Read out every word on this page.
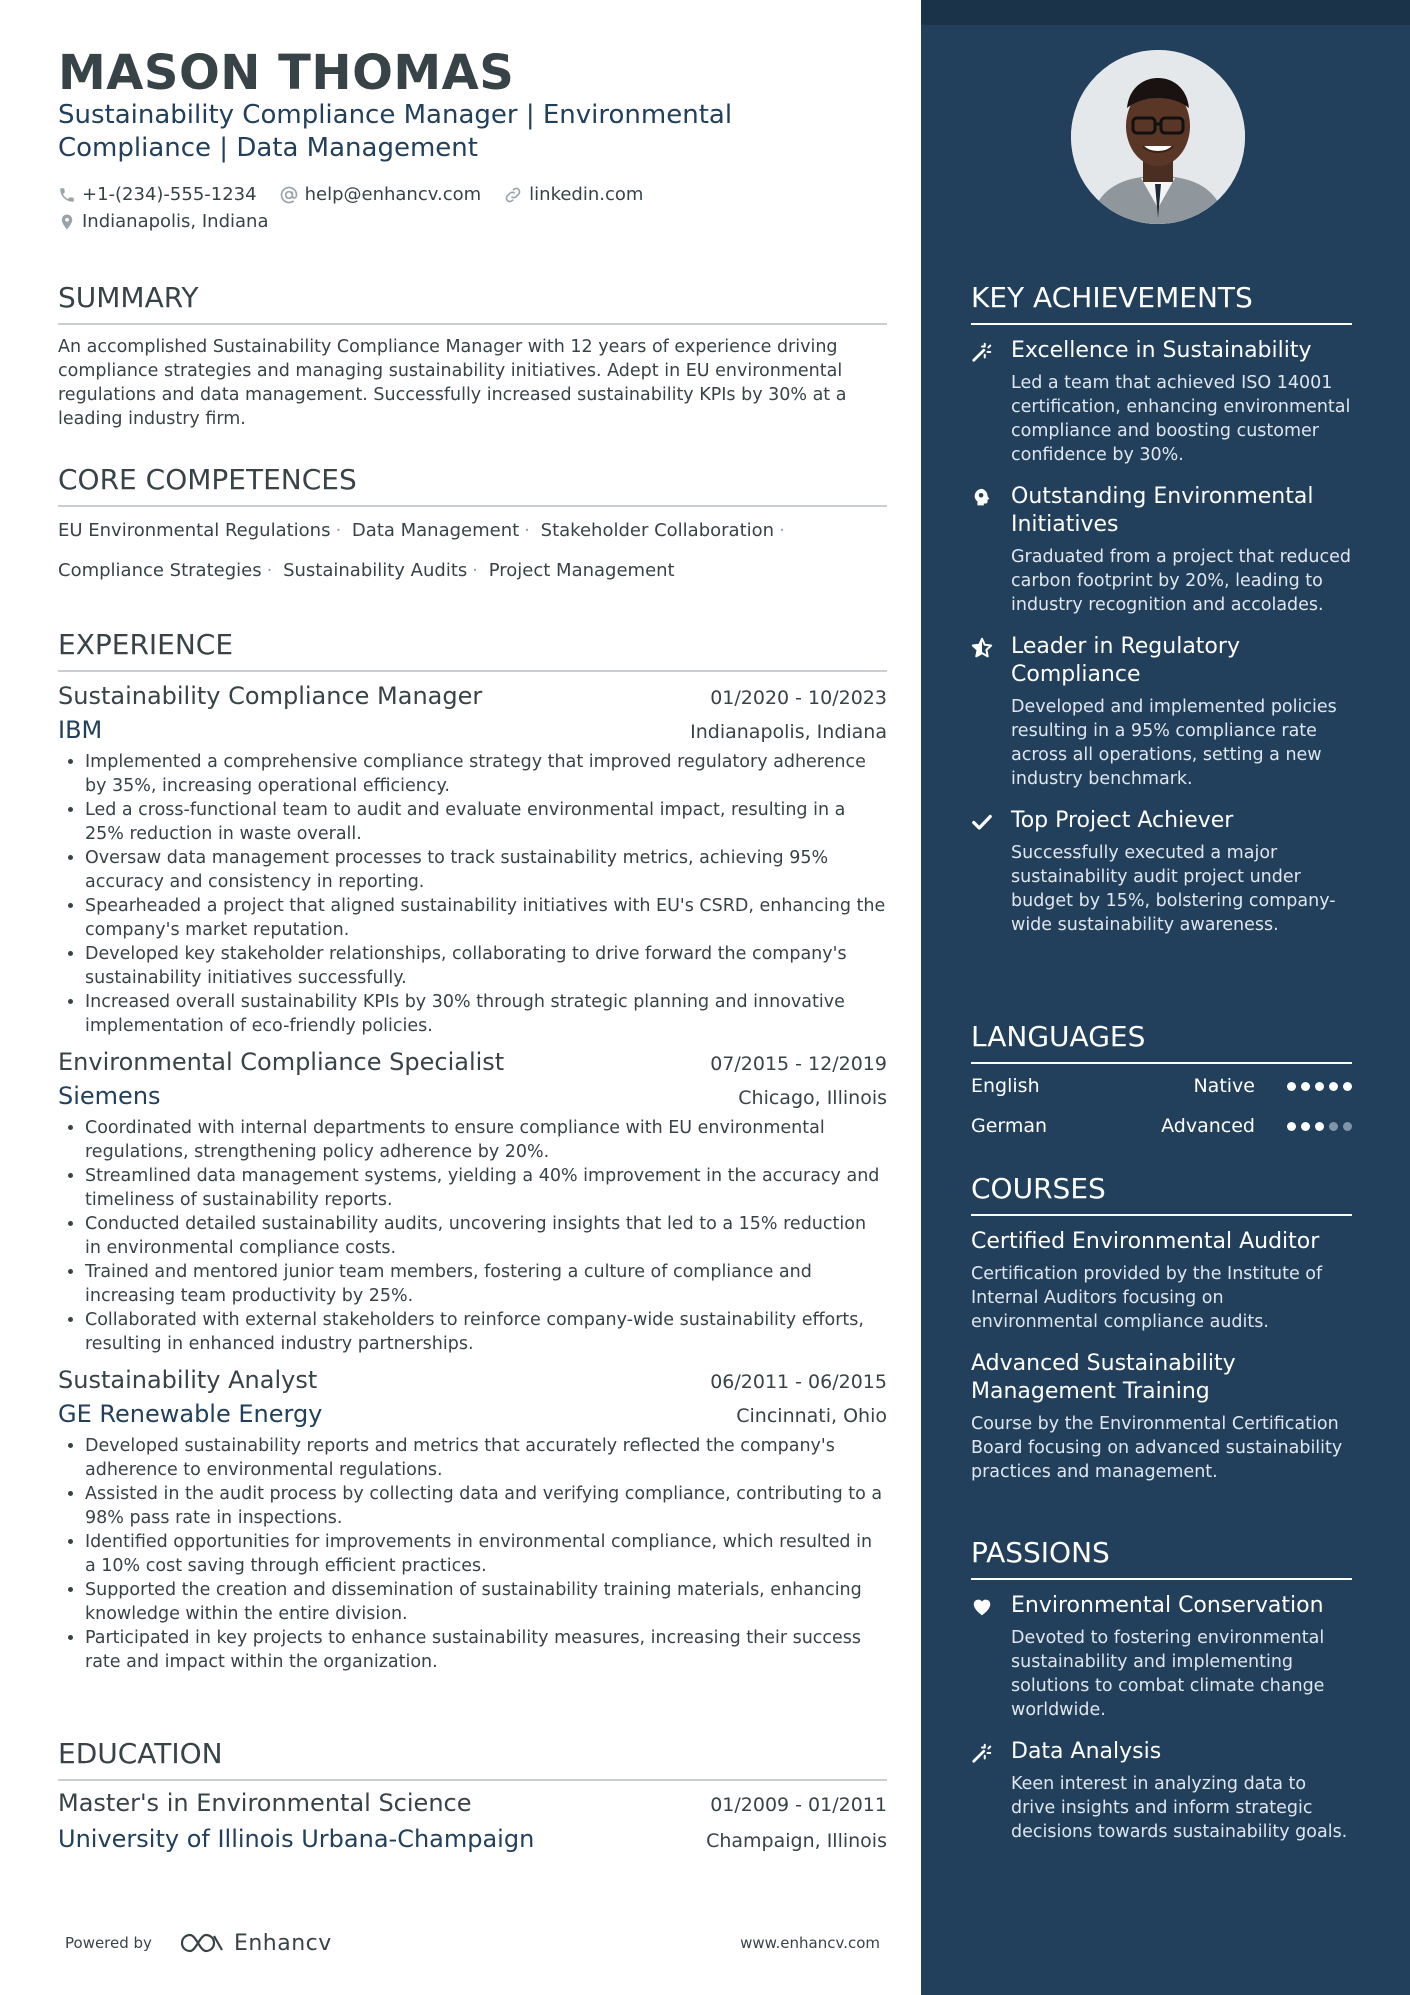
MASON THOMAS
Sustainability Compliance Manager | Environmental Compliance | Data Management
+1-(234)-555-1234	help@enhancv.com	linkedin.com
Indianapolis, Indiana
SUMMARY
An accomplished Sustainability Compliance Manager with 12 years of experience driving compliance strategies and managing sustainability initiatives. Adept in EU environmental regulations and data management. Successfully increased sustainability KPIs by 30% at a leading industry firm.
CORE COMPETENCES
EU Environmental Regulations · Data Management · Stakeholder Collaboration ·
Compliance Strategies · Sustainability Audits · Project Management
EXPERIENCE
Sustainability Compliance Manager	01/2020 - 10/2023
IBM	Indianapolis, Indiana
• Implemented a comprehensive compliance strategy that improved regulatory adherence by 35%, increasing operational efficiency.
• Led a cross-functional team to audit and evaluate environmental impact, resulting in a 25% reduction in waste overall.
• Oversaw data management processes to track sustainability metrics, achieving 95% accuracy and consistency in reporting.
• Spearheaded a project that aligned sustainability initiatives with EU's CSRD, enhancing the company's market reputation.
• Developed key stakeholder relationships, collaborating to drive forward the company's sustainability initiatives successfully.
• Increased overall sustainability KPIs by 30% through strategic planning and innovative implementation of eco-friendly policies.
Environmental Compliance Specialist	07/2015 - 12/2019
Siemens	Chicago, Illinois
• Coordinated with internal departments to ensure compliance with EU environmental regulations, strengthening policy adherence by 20%.
• Streamlined data management systems, yielding a 40% improvement in the accuracy and timeliness of sustainability reports.
• Conducted detailed sustainability audits, uncovering insights that led to a 15% reduction in environmental compliance costs.
• Trained and mentored junior team members, fostering a culture of compliance and increasing team productivity by 25%.
• Collaborated with external stakeholders to reinforce company-wide sustainability efforts, resulting in enhanced industry partnerships.
Sustainability Analyst	06/2011 - 06/2015
GE Renewable Energy	Cincinnati, Ohio
• Developed sustainability reports and metrics that accurately reflected the company's adherence to environmental regulations.
• Assisted in the audit process by collecting data and verifying compliance, contributing to a 98% pass rate in inspections.
• Identified opportunities for improvements in environmental compliance, which resulted in a 10% cost saving through efficient practices.
• Supported the creation and dissemination of sustainability training materials, enhancing knowledge within the entire division.
• Participated in key projects to enhance sustainability measures, increasing their success rate and impact within the organization.
EDUCATION
Master's in Environmental Science	01/2009 - 01/2011
University of Illinois Urbana-Champaign	Champaign, Illinois
Powered by	Enhancv	www.enhancv.com
KEY ACHIEVEMENTS
Excellence in Sustainability
Led a team that achieved ISO 14001 certification, enhancing environmental compliance and boosting customer confidence by 30%.
Outstanding Environmental Initiatives
Graduated from a project that reduced carbon footprint by 20%, leading to industry recognition and accolades.
Leader in Regulatory Compliance
Developed and implemented policies resulting in a 95% compliance rate across all operations, setting a new industry benchmark.
Top Project Achiever
Successfully executed a major sustainability audit project under budget by 15%, bolstering company-wide sustainability awareness.
LANGUAGES
English	Native
German	Advanced
COURSES
Certified Environmental Auditor
Certification provided by the Institute of Internal Auditors focusing on environmental compliance audits.
Advanced Sustainability Management Training
Course by the Environmental Certification Board focusing on advanced sustainability practices and management.
PASSIONS
Environmental Conservation
Devoted to fostering environmental sustainability and implementing solutions to combat climate change worldwide.
Data Analysis
Keen interest in analyzing data to drive insights and inform strategic decisions towards sustainability goals.
